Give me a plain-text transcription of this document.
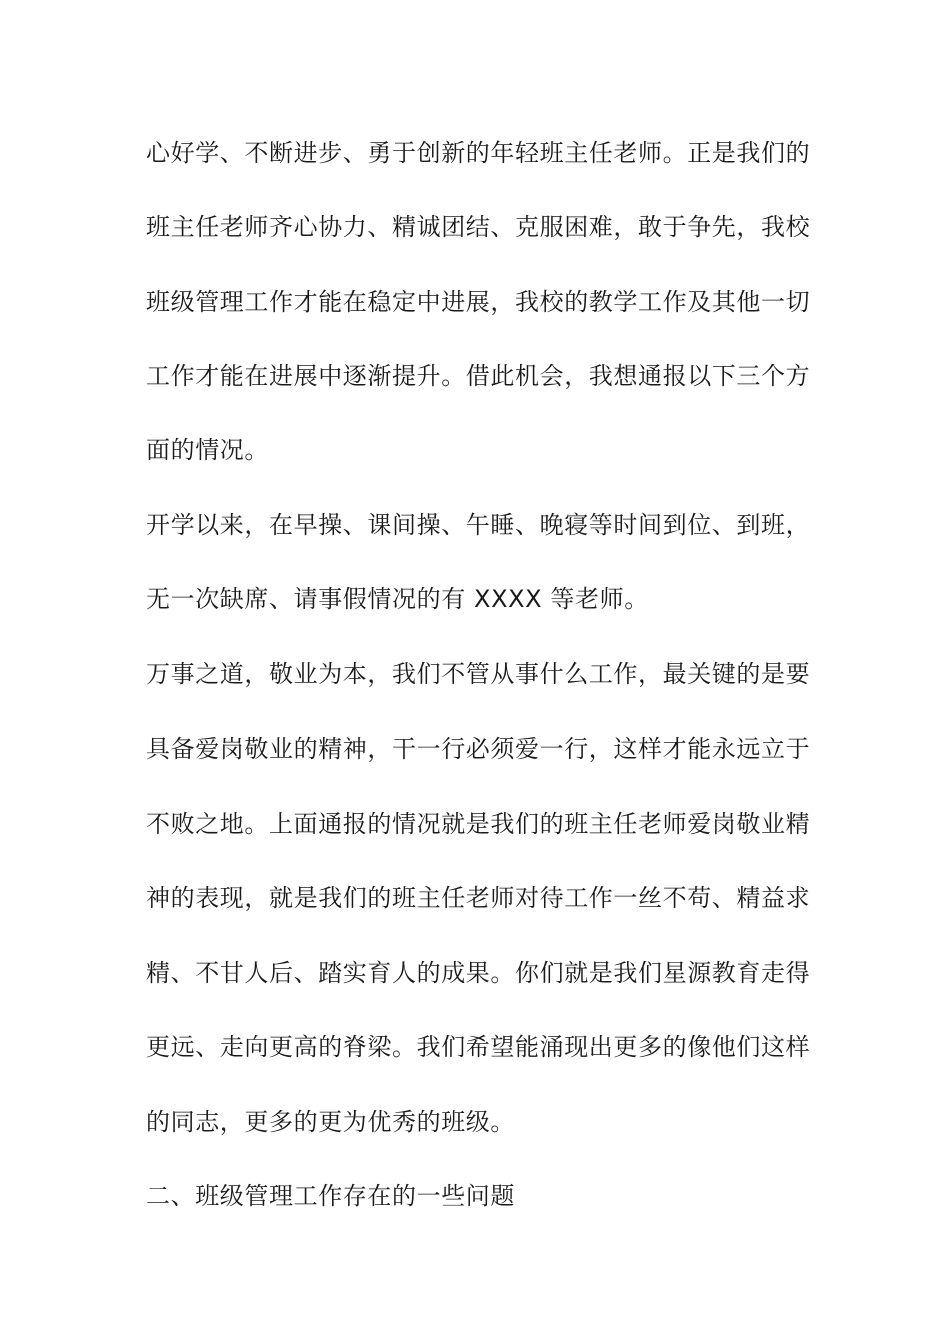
心好学、不断进步、勇于创新的年轻班主任老师。正是我们的
班主任老师齐心协力、精诚团结、克服困难，敢于争先，我校
班级管理工作才能在稳定中进展，我校的教学工作及其他一切
工作才能在进展中逐渐提升。借此机会，我想通报以下三个方
面的情况。
开学以来，在早操、课间操、午睡、晚寝等时间到位、到班，
无一次缺席、请事假情况的有 XXXX 等老师。
万事之道，敬业为本，我们不管从事什么工作，最关键的是要
具备爱岗敬业的精神，干一行必须爱一行，这样才能永远立于
不败之地。上面通报的情况就是我们的班主任老师爱岗敬业精
神的表现，就是我们的班主任老师对待工作一丝不苟、精益求
精、不甘人后、踏实育人的成果。你们就是我们星源教育走得
更远、走向更高的脊梁。我们希望能涌现出更多的像他们这样
的同志，更多的更为优秀的班级。
二、班级管理工作存在的一些问题
